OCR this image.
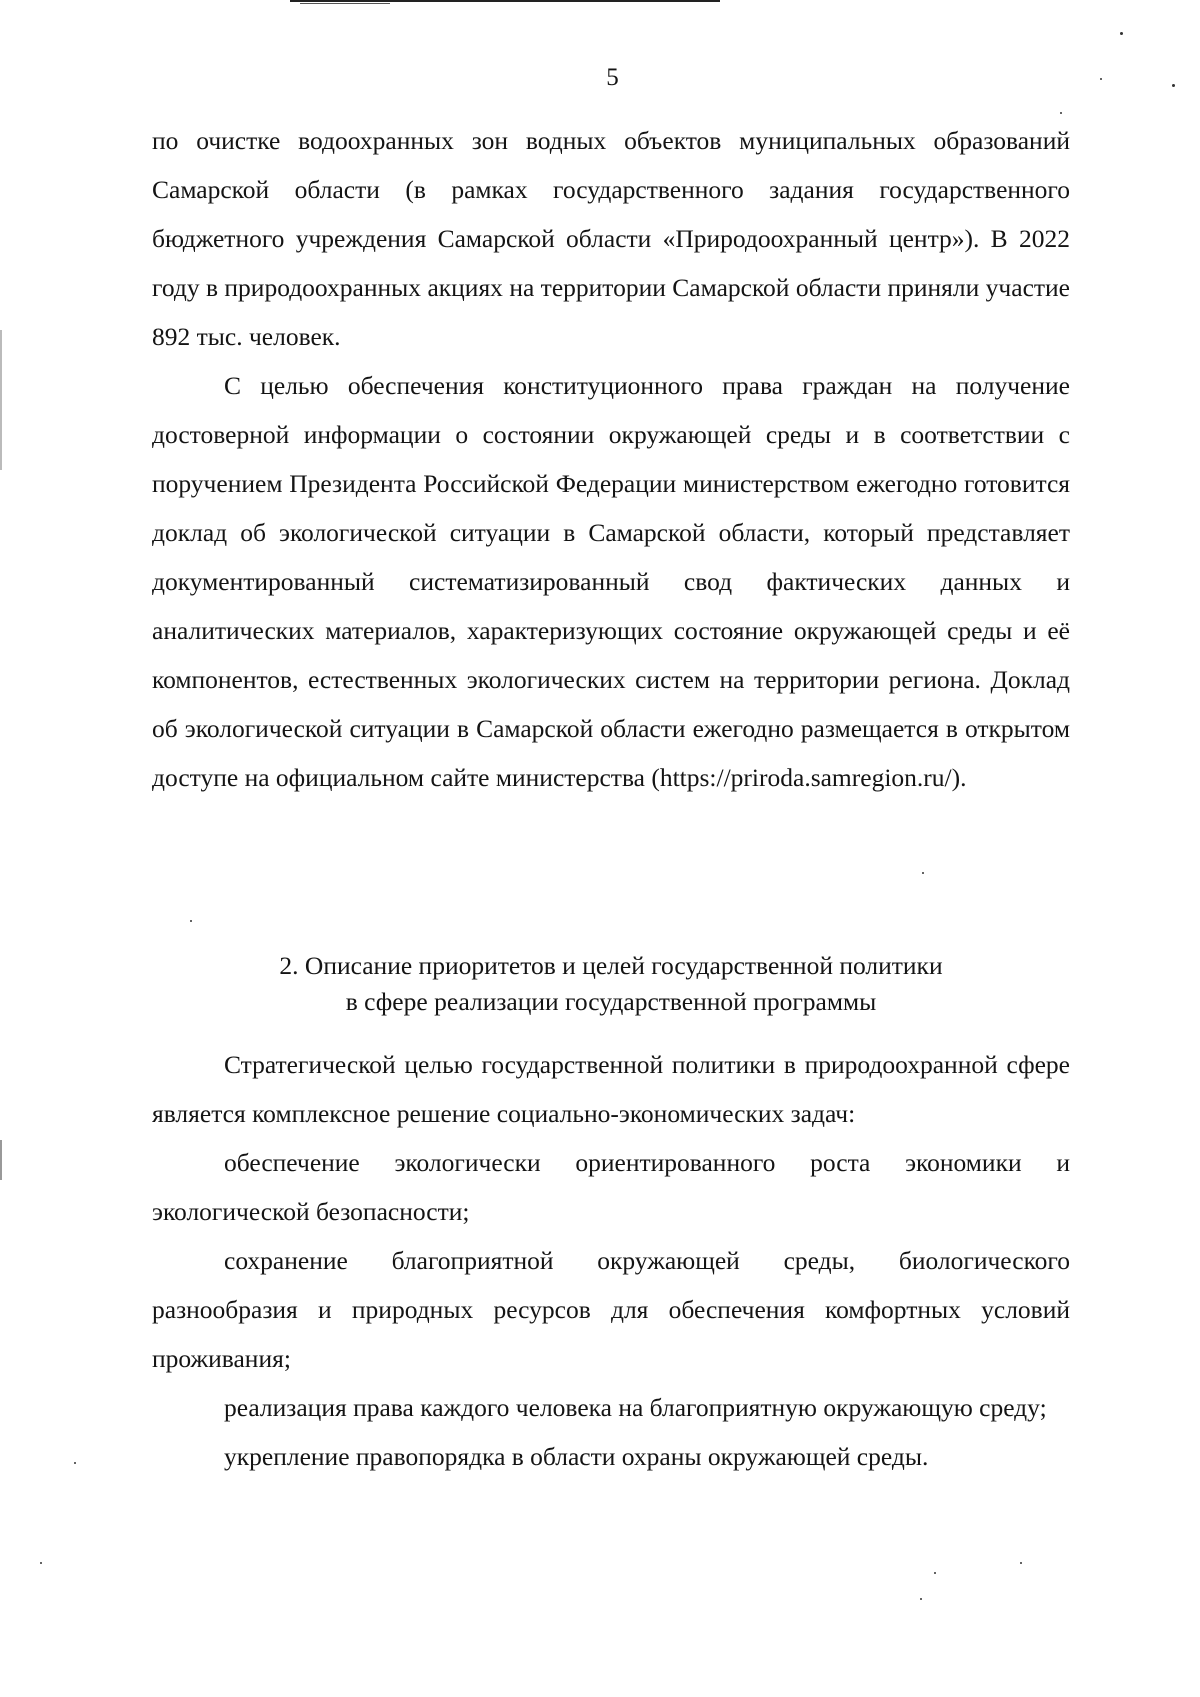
5

по очистке водоохранных зон водных объектов муниципальных образований Самарской области (в рамках государственного задания государственного бюджетного учреждения Самарской области «Природоохранный центр»). В 2022 году в природоохранных акциях на территории Самарской области приняли участие 892 тыс. человек.

С целью обеспечения конституционного права граждан на получение достоверной информации о состоянии окружающей среды и в соответствии с поручением Президента Российской Федерации министерством ежегодно готовится доклад об экологической ситуации в Самарской области, который представляет документированный систематизированный свод фактических данных и аналитических материалов, характеризующих состояние окружающей среды и её компонентов, естественных экологических систем на территории региона. Доклад об экологической ситуации в Самарской области ежегодно размещается в открытом доступе на официальном сайте министерства (https://priroda.samregion.ru/).

2. Описание приоритетов и целей государственной политики
в сфере реализации государственной программы

Стратегической целью государственной политики в природоохранной сфере является комплексное решение социально-экономических задач:

обеспечение экологически ориентированного роста экономики и экологической безопасности;

сохранение благоприятной окружающей среды, биологического разнообразия и природных ресурсов для обеспечения комфортных условий проживания;

реализация права каждого человека на благоприятную окружающую среду;

укрепление правопорядка в области охраны окружающей среды.
